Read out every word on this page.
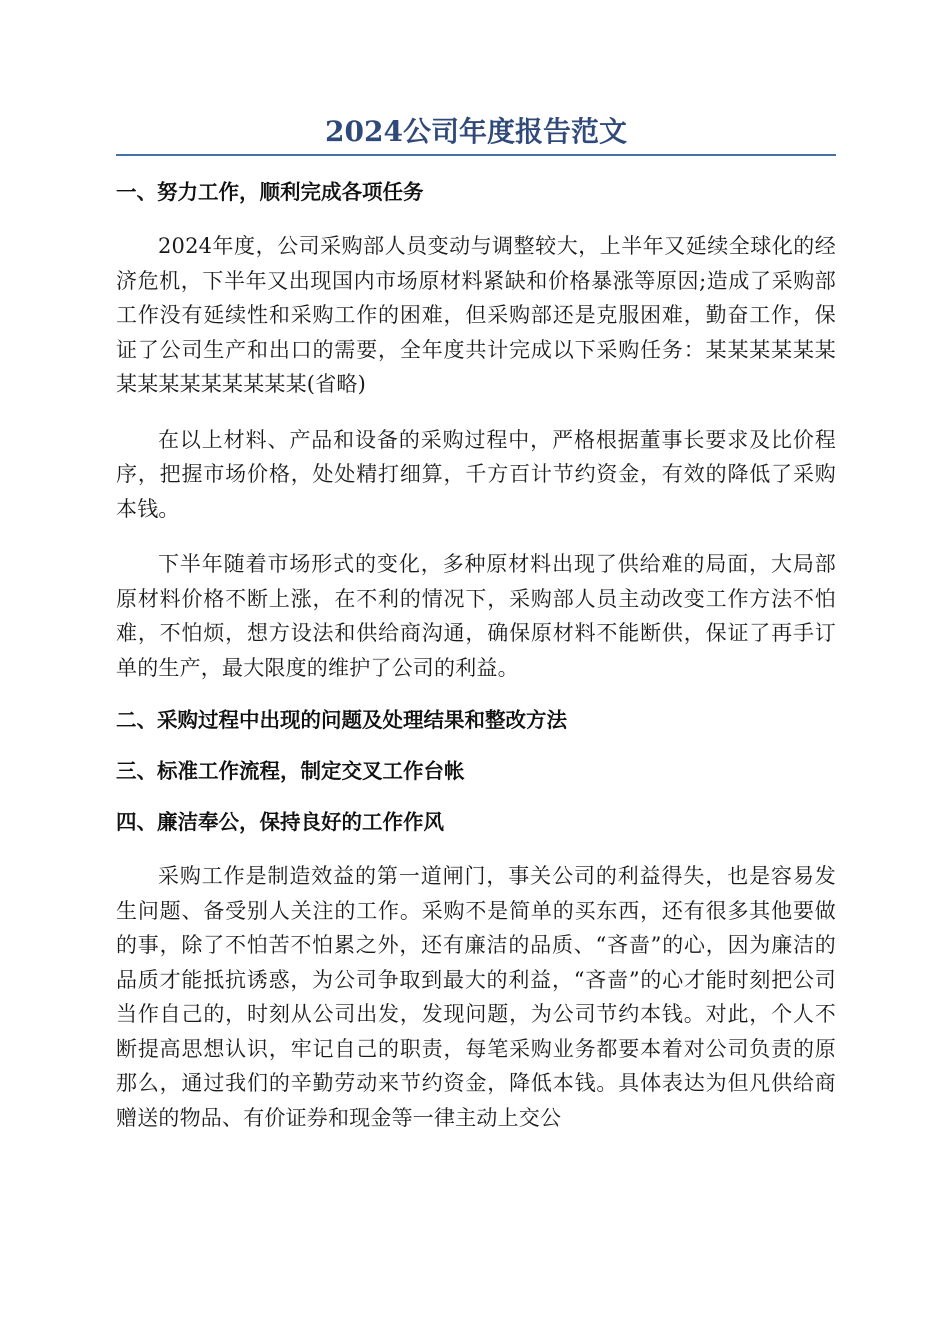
2024公司年度报告范文
一、努力工作，顺利完成各项任务

2024年度，公司采购部人员变动与调整较大，上半年又延续全球化的经济危机，下半年又出现国内市场原材料紧缺和价格暴涨等原因;造成了采购部工作没有延续性和采购工作的困难，但采购部还是克服困难，勤奋工作，保证了公司生产和出口的需要，全年度共计完成以下采购任务：某某某某某某某某某某某某某某某(省略)

在以上材料、产品和设备的采购过程中，严格根据董事长要求及比价程序，把握市场价格，处处精打细算，千方百计节约资金，有效的降低了采购本钱。

下半年随着市场形式的变化，多种原材料出现了供给难的局面，大局部原材料价格不断上涨，在不利的情况下，采购部人员主动改变工作方法不怕难，不怕烦，想方设法和供给商沟通，确保原材料不能断供，保证了再手订单的生产，最大限度的维护了公司的利益。

二、采购过程中出现的问题及处理结果和整改方法
三、标准工作流程，制定交叉工作台帐
四、廉洁奉公，保持良好的工作作风

采购工作是制造效益的第一道闸门，事关公司的利益得失，也是容易发生问题、备受别人关注的工作。采购不是简单的买东西，还有很多其他要做的事，除了不怕苦不怕累之外，还有廉洁的品质、“吝啬”的心，因为廉洁的品质才能抵抗诱惑，为公司争取到最大的利益，“吝啬”的心才能时刻把公司当作自己的，时刻从公司出发，发现问题，为公司节约本钱。对此，个人不断提高思想认识，牢记自己的职责，每笔采购业务都要本着对公司负责的原那么，通过我们的辛勤劳动来节约资金，降低本钱。具体表达为但凡供给商赠送的物品、有价证券和现金等一律主动上交公
